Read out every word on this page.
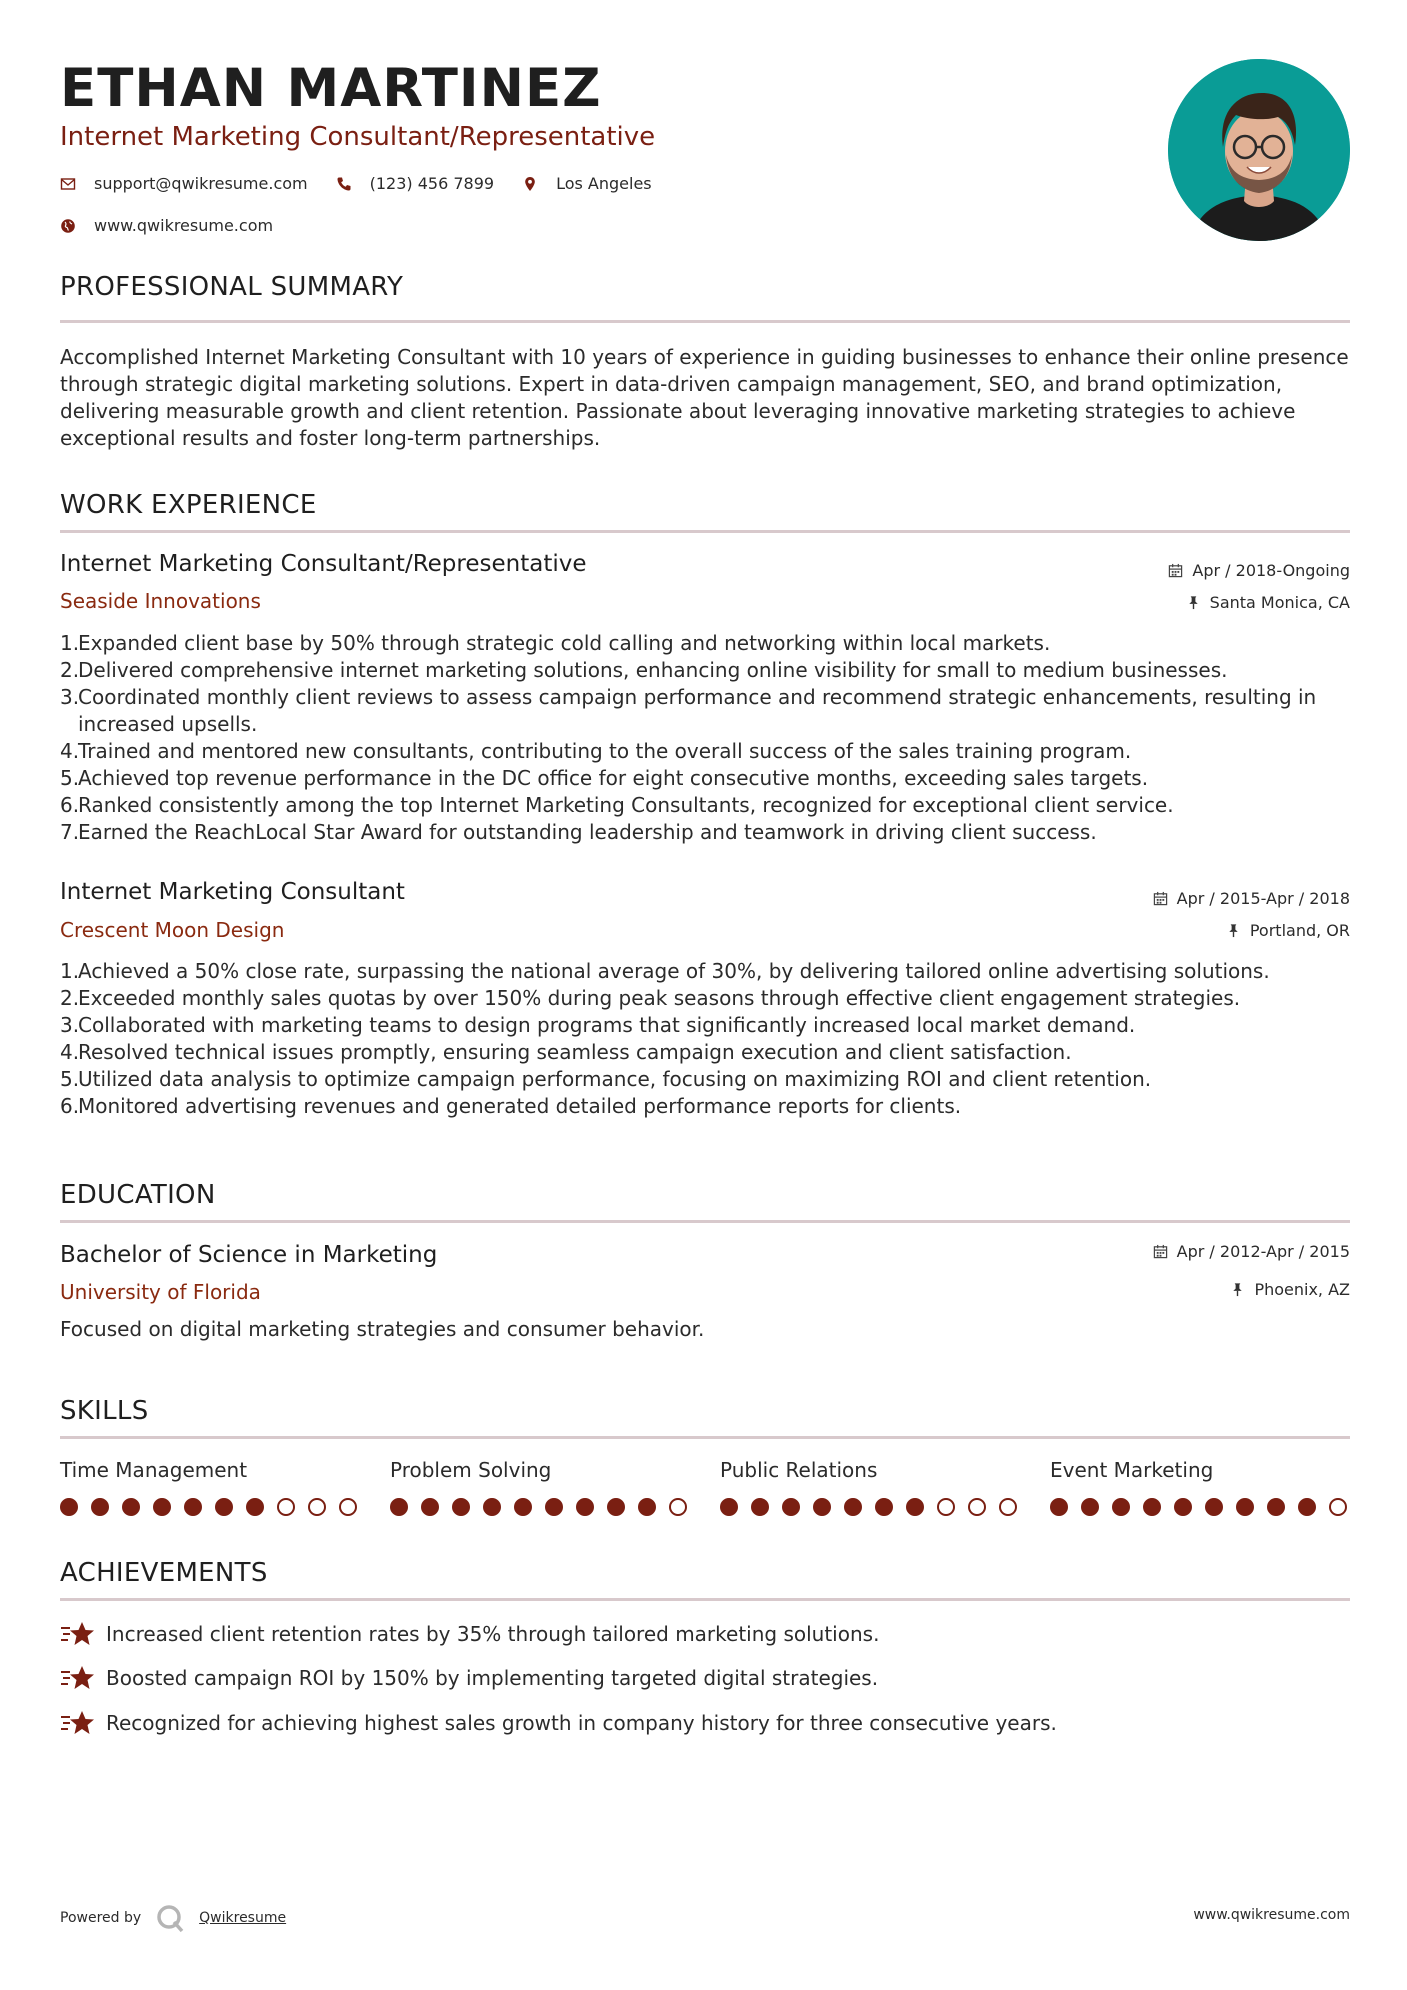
ETHAN MARTINEZ
Internet Marketing Consultant/Representative
support@qwikresume.com	(123) 456 7899	Los Angeles
www.qwikresume.com
PROFESSIONAL SUMMARY
Accomplished Internet Marketing Consultant with 10 years of experience in guiding businesses to enhance their online presence through strategic digital marketing solutions. Expert in data-driven campaign management, SEO, and brand optimization, delivering measurable growth and client retention. Passionate about leveraging innovative marketing strategies to achieve exceptional results and foster long-term partnerships.
WORK EXPERIENCE
Internet Marketing Consultant/Representative
Seaside Innovations
Apr / 2018-Ongoing
Santa Monica, CA
1.
Expanded client base by 50% through strategic cold calling and networking within local markets.
2.
Delivered comprehensive internet marketing solutions, enhancing online visibility for small to medium businesses.
3.
Coordinated monthly client reviews to assess campaign performance and recommend strategic enhancements, resulting in increased upsells.
4.
Trained and mentored new consultants, contributing to the overall success of the sales training program.
5.
Achieved top revenue performance in the DC office for eight consecutive months, exceeding sales targets.
6.
Ranked consistently among the top Internet Marketing Consultants, recognized for exceptional client service.
7.
Earned the ReachLocal Star Award for outstanding leadership and teamwork in driving client success.
Internet Marketing Consultant
Crescent Moon Design
Apr / 2015-Apr / 2018
Portland, OR
1.
Achieved a 50% close rate, surpassing the national average of 30%, by delivering tailored online advertising solutions.
2.
Exceeded monthly sales quotas by over 150% during peak seasons through effective client engagement strategies.
3.
Collaborated with marketing teams to design programs that significantly increased local market demand.
4.
Resolved technical issues promptly, ensuring seamless campaign execution and client satisfaction.
5.
Utilized data analysis to optimize campaign performance, focusing on maximizing ROI and client retention.
6.
Monitored advertising revenues and generated detailed performance reports for clients.
EDUCATION
Bachelor of Science in Marketing
University of Florida
Apr / 2012-Apr / 2015
Phoenix, AZ
Focused on digital marketing strategies and consumer behavior.
SKILLS
Time Management	Problem Solving	Public Relations	Event Marketing
ACHIEVEMENTS
Increased client retention rates by 35% through tailored marketing solutions.
Boosted campaign ROI by 150% by implementing targeted digital strategies.
Recognized for achieving highest sales growth in company history for three consecutive years.
Powered by	Qwikresume	www.qwikresume.com
